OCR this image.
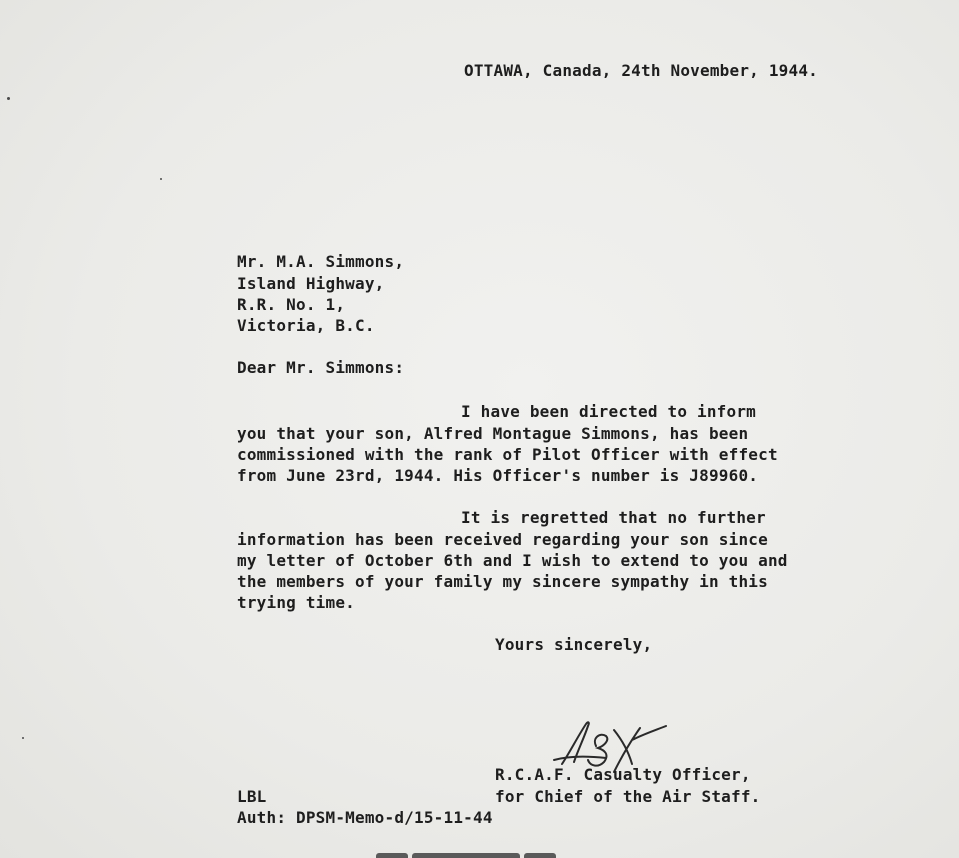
OTTAWA, Canada, 24th November, 1944.
Mr. M.A. Simmons,
Island Highway,
R.R. No. 1,
Victoria, B.C.
Dear Mr. Simmons:
I have been directed to inform
you that your son, Alfred Montague Simmons, has been
commissioned with the rank of Pilot Officer with effect
from June 23rd, 1944. His Officer's number is J89960.
It is regretted that no further
information has been received regarding your son since
my letter of October 6th and I wish to extend to you and
the members of your family my sincere sympathy in this
trying time.
Yours sincerely,
R.C.A.F. Casualty Officer,
for Chief of the Air Staff.
LBL
Auth: DPSM-Memo-d/15-11-44
